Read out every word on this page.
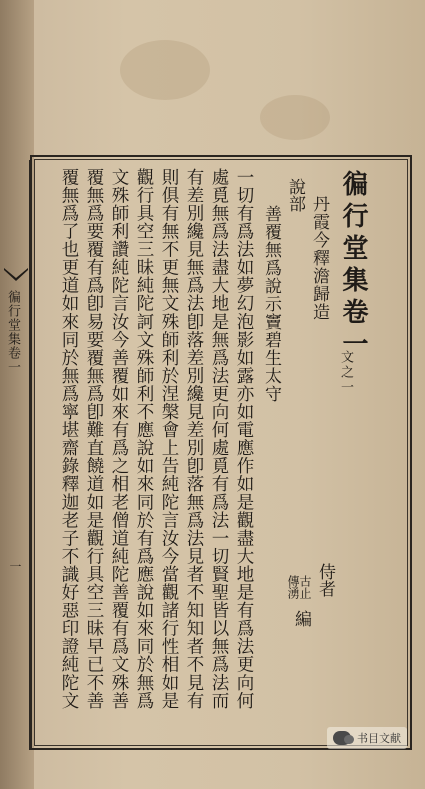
徧行堂集卷一
一
徧行堂集卷一
文之一
丹霞今釋澹歸造
說部
善覆無爲說示竇碧生太守
一切有爲法如夢幻泡影如露亦如電應作如是觀盡大地是有爲法更向何
處覓無爲法盡大地是無爲法更向何處覓有爲法一切賢聖皆以無爲法而
有差別纔見無爲法卽落差別纔見差別卽落無爲法見者不知知者不見有
則俱有無不更無文殊師利於涅槃會上告純陀言汝今當觀諸行性相如是
觀行具空三昧純陀訶文殊師利不應說如來同於有爲應說如來同於無爲
文殊師利讚純陀言汝今善覆如來有爲之相老僧道純陀善覆有爲文殊善
覆無爲要覆有爲卽易要覆無爲卽難直饒道如是觀行具空三昧早已不善
覆無爲了也更道如來同於無爲寧堪齋錄釋迦老子不識好惡印證純陀文	侍者
古止
傳湧
編
书目文献
